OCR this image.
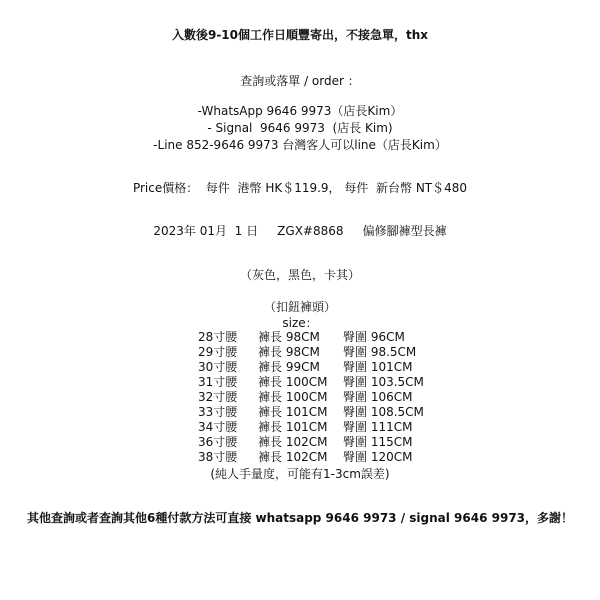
入數後9-10個工作日順豐寄出，不接急單，thx
查詢或落單 / order ：
-WhatsApp 9646 9973（店長Kim）
- Signal  9646 9973  (店長 Kim)
-Line 852-9646 9973 台灣客人可以line（店長Kim）
Price價格：  每件  港幣 HK＄119.9， 每件  新台幣 NT＄480
2023年 01月  1 日     ZGX#8868     偏修腳褲型長褲
（灰色，黑色，卡其）
（扣鈕褲頭）
size：
28寸腰 褲長 98CM 臀圍 96CM
29寸腰 褲長 98CM 臀圍 98.5CM
30寸腰 褲長 99CM 臀圍 101CM
31寸腰 褲長 100CM 臀圍 103.5CM
32寸腰 褲長 100CM 臀圍 106CM
33寸腰 褲長 101CM 臀圍 108.5CM
34寸腰 褲長 101CM 臀圍 111CM
36寸腰 褲長 102CM 臀圍 115CM
38寸腰 褲長 102CM 臀圍 120CM
(純人手量度，可能有1-3cm誤差)
其他查詢或者查詢其他6種付款方法可直接 whatsapp 9646 9973 / signal 9646 9973，多謝！
